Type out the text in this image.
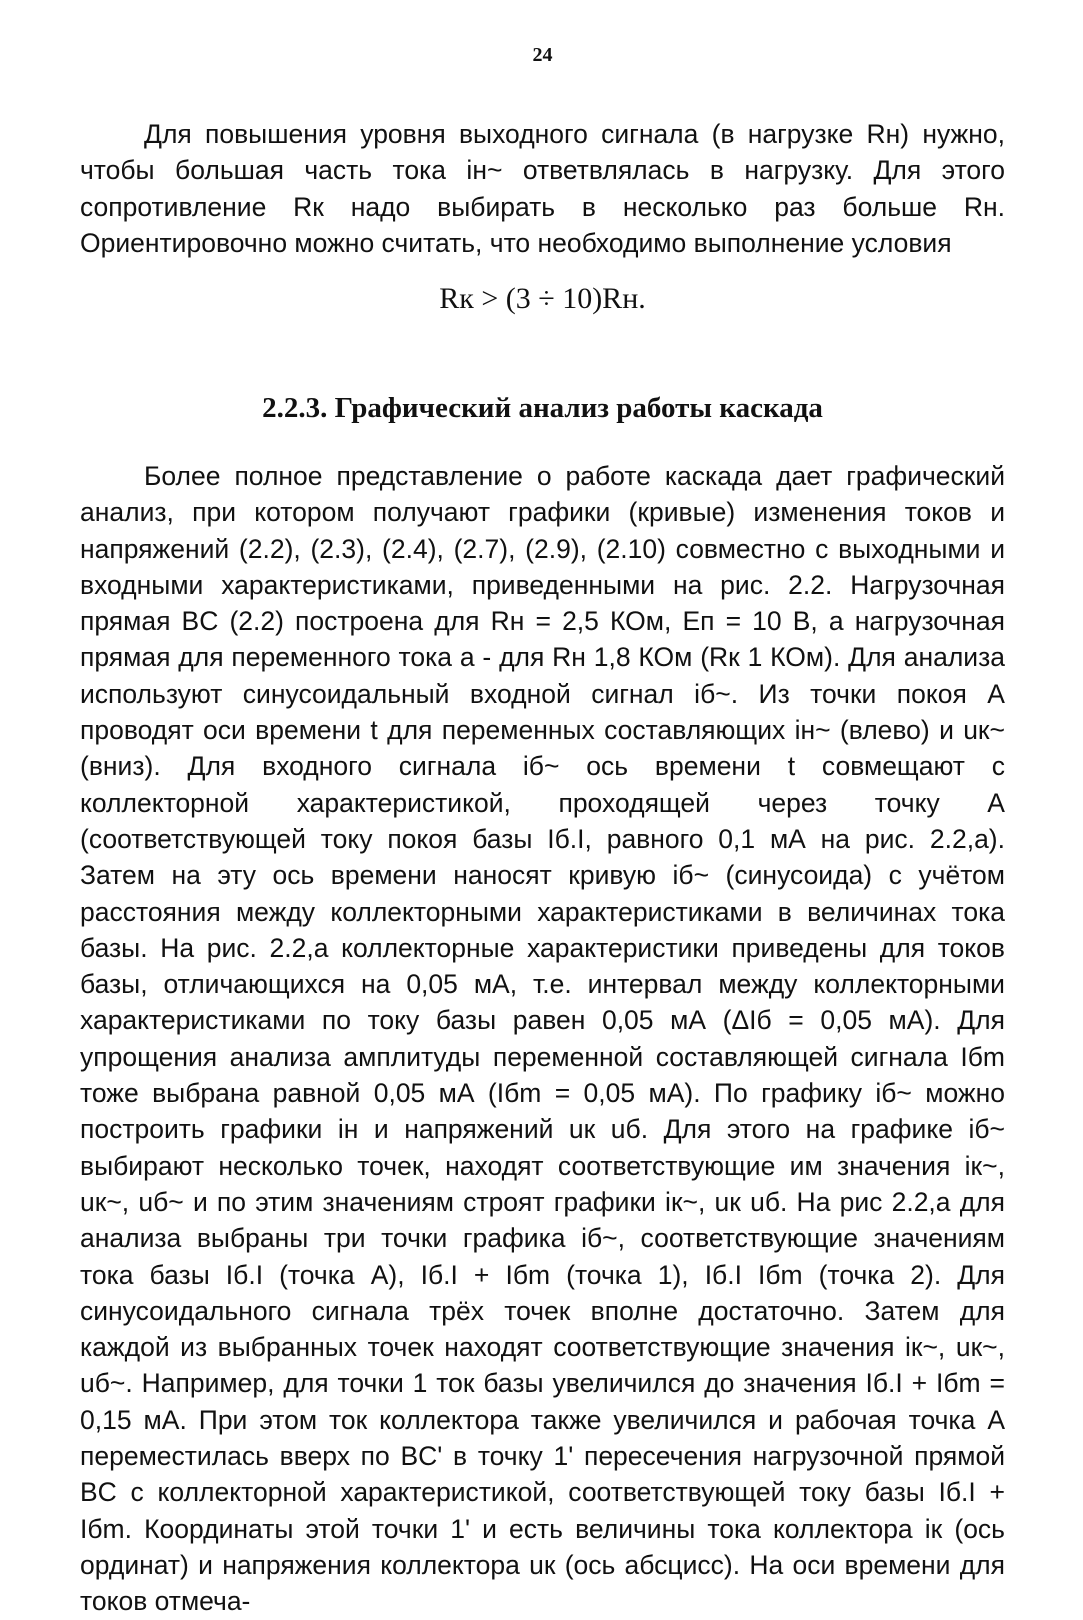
24

Для повышения уровня выходного сигнала (в нагрузке Rн) нужно, чтобы большая часть тока iн~ ответвлялась в нагрузку. Для этого сопротивление Rк надо выбирать в несколько раз больше Rн. Ориентировочно можно считать, что необходимо выполнение условия

Rк > (3 ÷ 10)Rн.
2.2.3. Графический анализ работы каскада

Более полное представление о работе каскада дает графический анализ, при котором получают графики (кривые) изменения токов и напряжений (2.2), (2.3), (2.4), (2.7), (2.9), (2.10) совместно с выходными и входными характеристиками, приведенными на рис. 2.2. Нагрузочная прямая BC (2.2) построена для Rн = 2,5 КОм, Eп = 10 В, а нагрузочная прямая для переменного тока a - для Rн 1,8 КОм (Rк 1 КОм). Для анализа используют синусоидальный входной сигнал iб~. Из точки покоя A проводят оси времени t для переменных составляющих iн~ (влево) и uк~ (вниз). Для входного сигнала iб~ ось времени t совмещают с коллекторной характеристикой, проходящей через точку A (соответствующей току покоя базы Iб.I, равного 0,1 мА на рис. 2.2,а). Затем на эту ось времени наносят кривую iб~ (синусоида) с учётом расстояния между коллекторными характеристиками в величинах тока базы. На рис. 2.2,а коллекторные характеристики приведены для токов базы, отличающихся на 0,05 мА, т.е. интервал между коллекторными характеристиками по току базы равен 0,05 мА (ΔIб = 0,05 мА). Для упрощения анализа амплитуды переменной составляющей сигнала Iбm тоже выбрана равной 0,05 мА (Iбm = 0,05 мА). По графику iб~ можно построить графики iн и напряжений uк uб. Для этого на графике iб~ выбирают несколько точек, находят соответствующие им значения iк~, uк~, uб~ и по этим значениям строят графики iк~, uк uб. На рис 2.2,а для анализа выбраны три точки графика iб~, соответствующие значениям тока базы Iб.I (точка A), Iб.I + Iбm (точка 1), Iб.I Iбm (точка 2). Для синусоидального сигнала трёх точек вполне достаточно. Затем для каждой из выбранных точек находят соответствующие значения iк~, uк~, uб~. Например, для точки 1 ток базы увеличился до значения Iб.I + Iбm = 0,15 мА. При этом ток коллектора также увеличился и рабочая точка A переместилась вверх по BC' в точку 1' пересечения нагрузочной прямой BC с коллекторной характеристикой, соответствующей току базы Iб.I + Iбm. Координаты этой точки 1' и есть величины тока коллектора iк (ось ординат) и напряжения коллектора uк (ось абсцисс). На оси времени для токов отмеча-
